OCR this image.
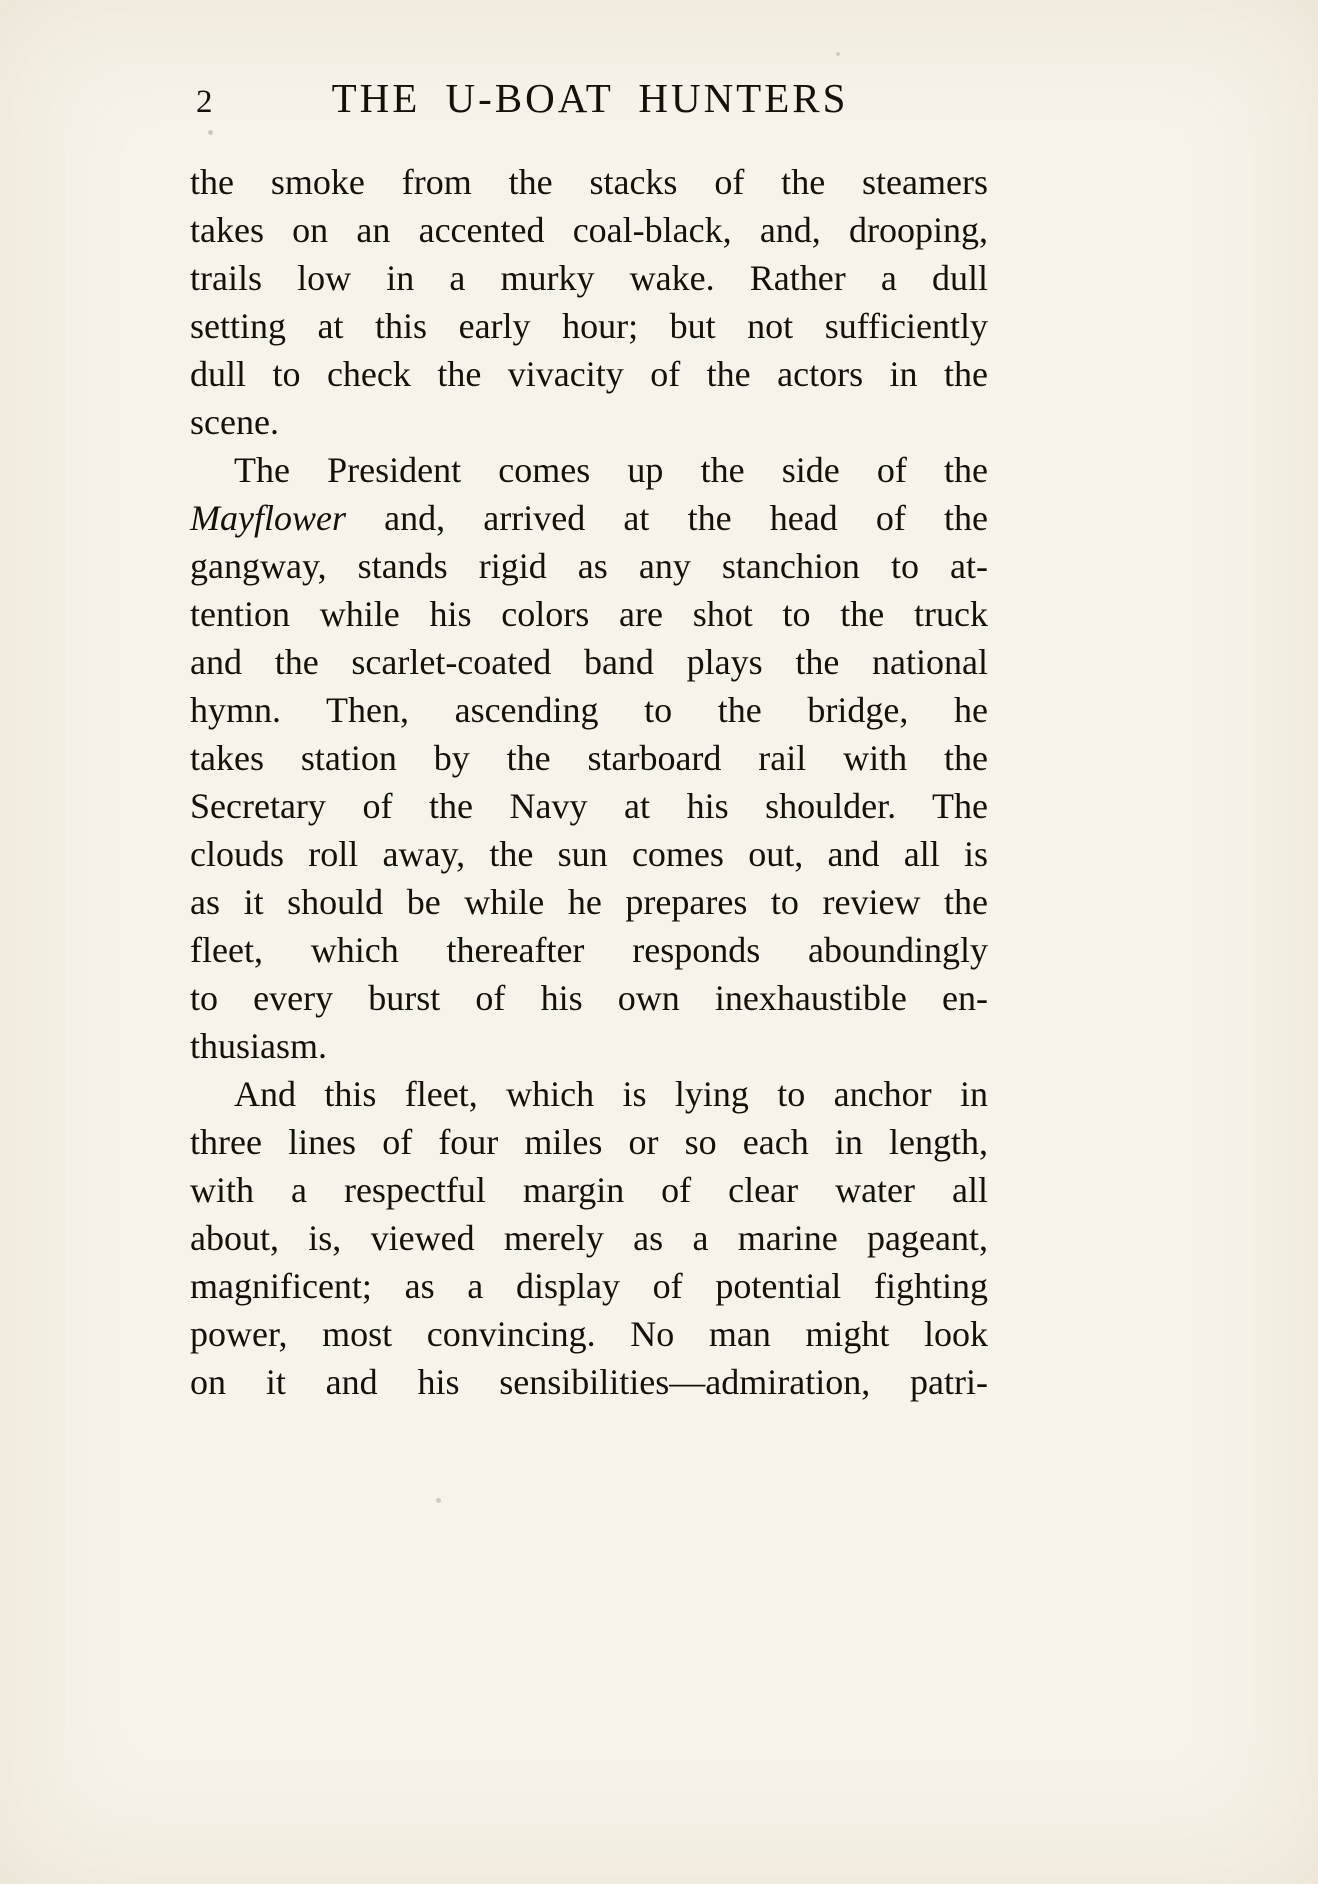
2	THE U-BOAT HUNTERS

the smoke from the stacks of the steamers
takes on an accented coal-black, and, drooping,
trails low in a murky wake. Rather a dull
setting at this early hour; but not sufficiently
dull to check the vivacity of the actors in the
scene.

The President comes up the side of the
Mayflower and, arrived at the head of the
gangway, stands rigid as any stanchion to at-
tention while his colors are shot to the truck
and the scarlet-coated band plays the national
hymn. Then, ascending to the bridge, he
takes station by the starboard rail with the
Secretary of the Navy at his shoulder. The
clouds roll away, the sun comes out, and all is
as it should be while he prepares to review the
fleet, which thereafter responds aboundingly
to every burst of his own inexhaustible en-
thusiasm.

And this fleet, which is lying to anchor in
three lines of four miles or so each in length,
with a respectful margin of clear water all
about, is, viewed merely as a marine pageant,
magnificent; as a display of potential fighting
power, most convincing. No man might look
on it and his sensibilities—admiration, patri-
